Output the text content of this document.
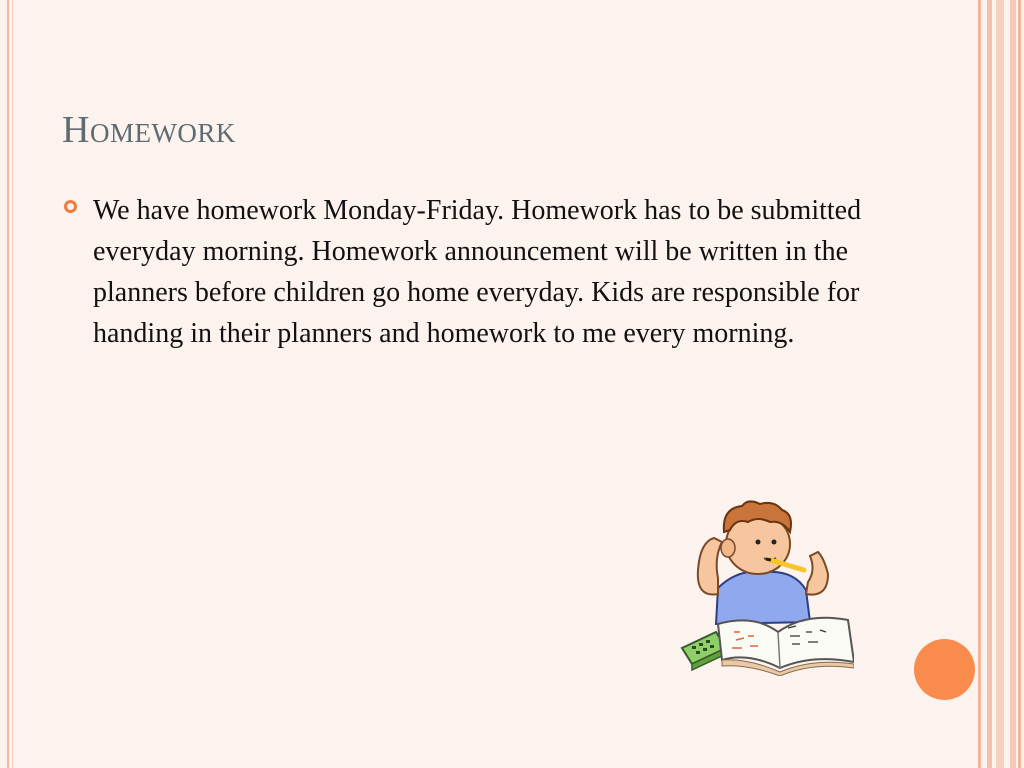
Homework

We have homework Monday-Friday. Homework has to be submitted everyday morning. Homework announcement will be written in the planners before children go home everyday. Kids are responsible for handing in their planners and homework to me every morning.
